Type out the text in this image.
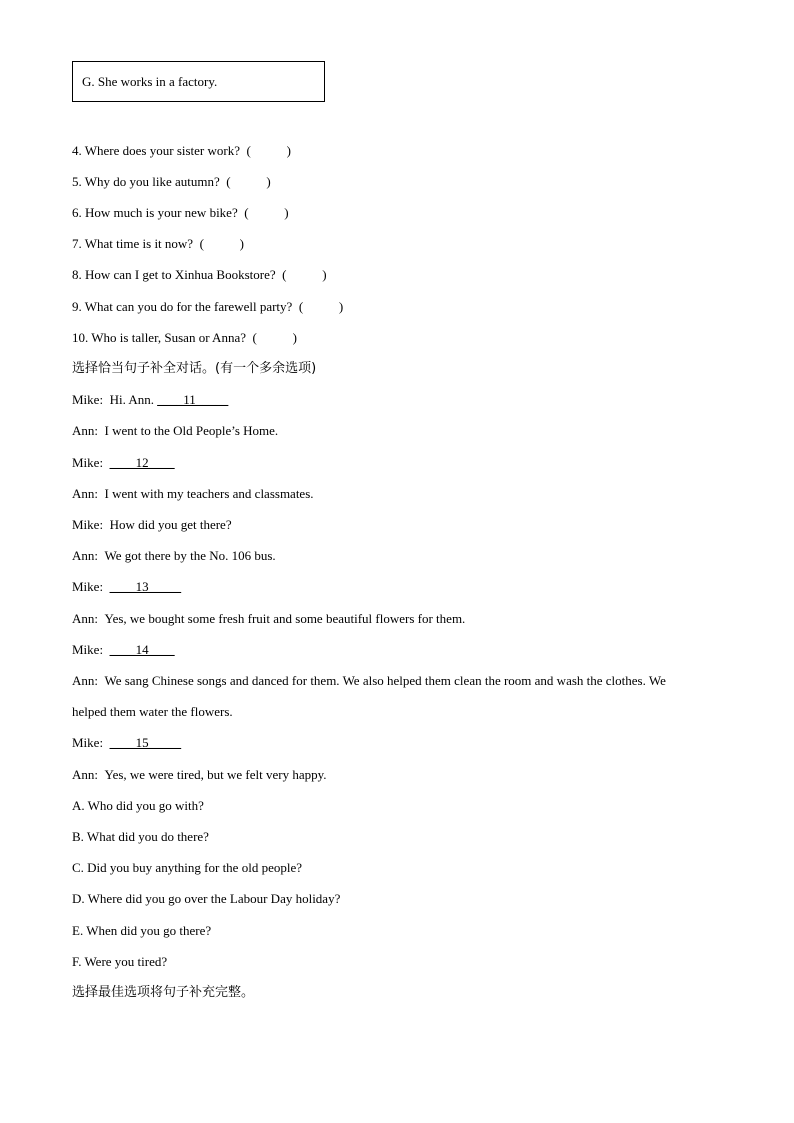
G. She works in a factory.
4. Where does your sister work? (           )
5. Why do you like autumn? (           )
6. How much is your new bike? (           )
7. What time is it now? (           )
8. How can I get to Xinhua Bookstore? (           )
9. What can you do for the farewell party? (           )
10. Who is taller, Susan or Anna? (           )
选择恰当句子补全对话。(有一个多余选项)
Mike: Hi. Ann. ____11_____
Ann: I went to the Old People’s Home.
Mike: ____12____
Ann: I went with my teachers and classmates.
Mike: How did you get there?
Ann: We got there by the No. 106 bus.
Mike: ____13_____
Ann: Yes, we bought some fresh fruit and some beautiful flowers for them.
Mike: ____14____
Ann: We sang Chinese songs and danced for them. We also helped them clean the room and wash the clothes. We
helped them water the flowers.
Mike: ____15_____
Ann: Yes, we were tired, but we felt very happy.
A. Who did you go with?
B. What did you do there?
C. Did you buy anything for the old people?
D. Where did you go over the Labour Day holiday?
E. When did you go there?
F. Were you tired?
选择最佳选项将句子补充完整。
